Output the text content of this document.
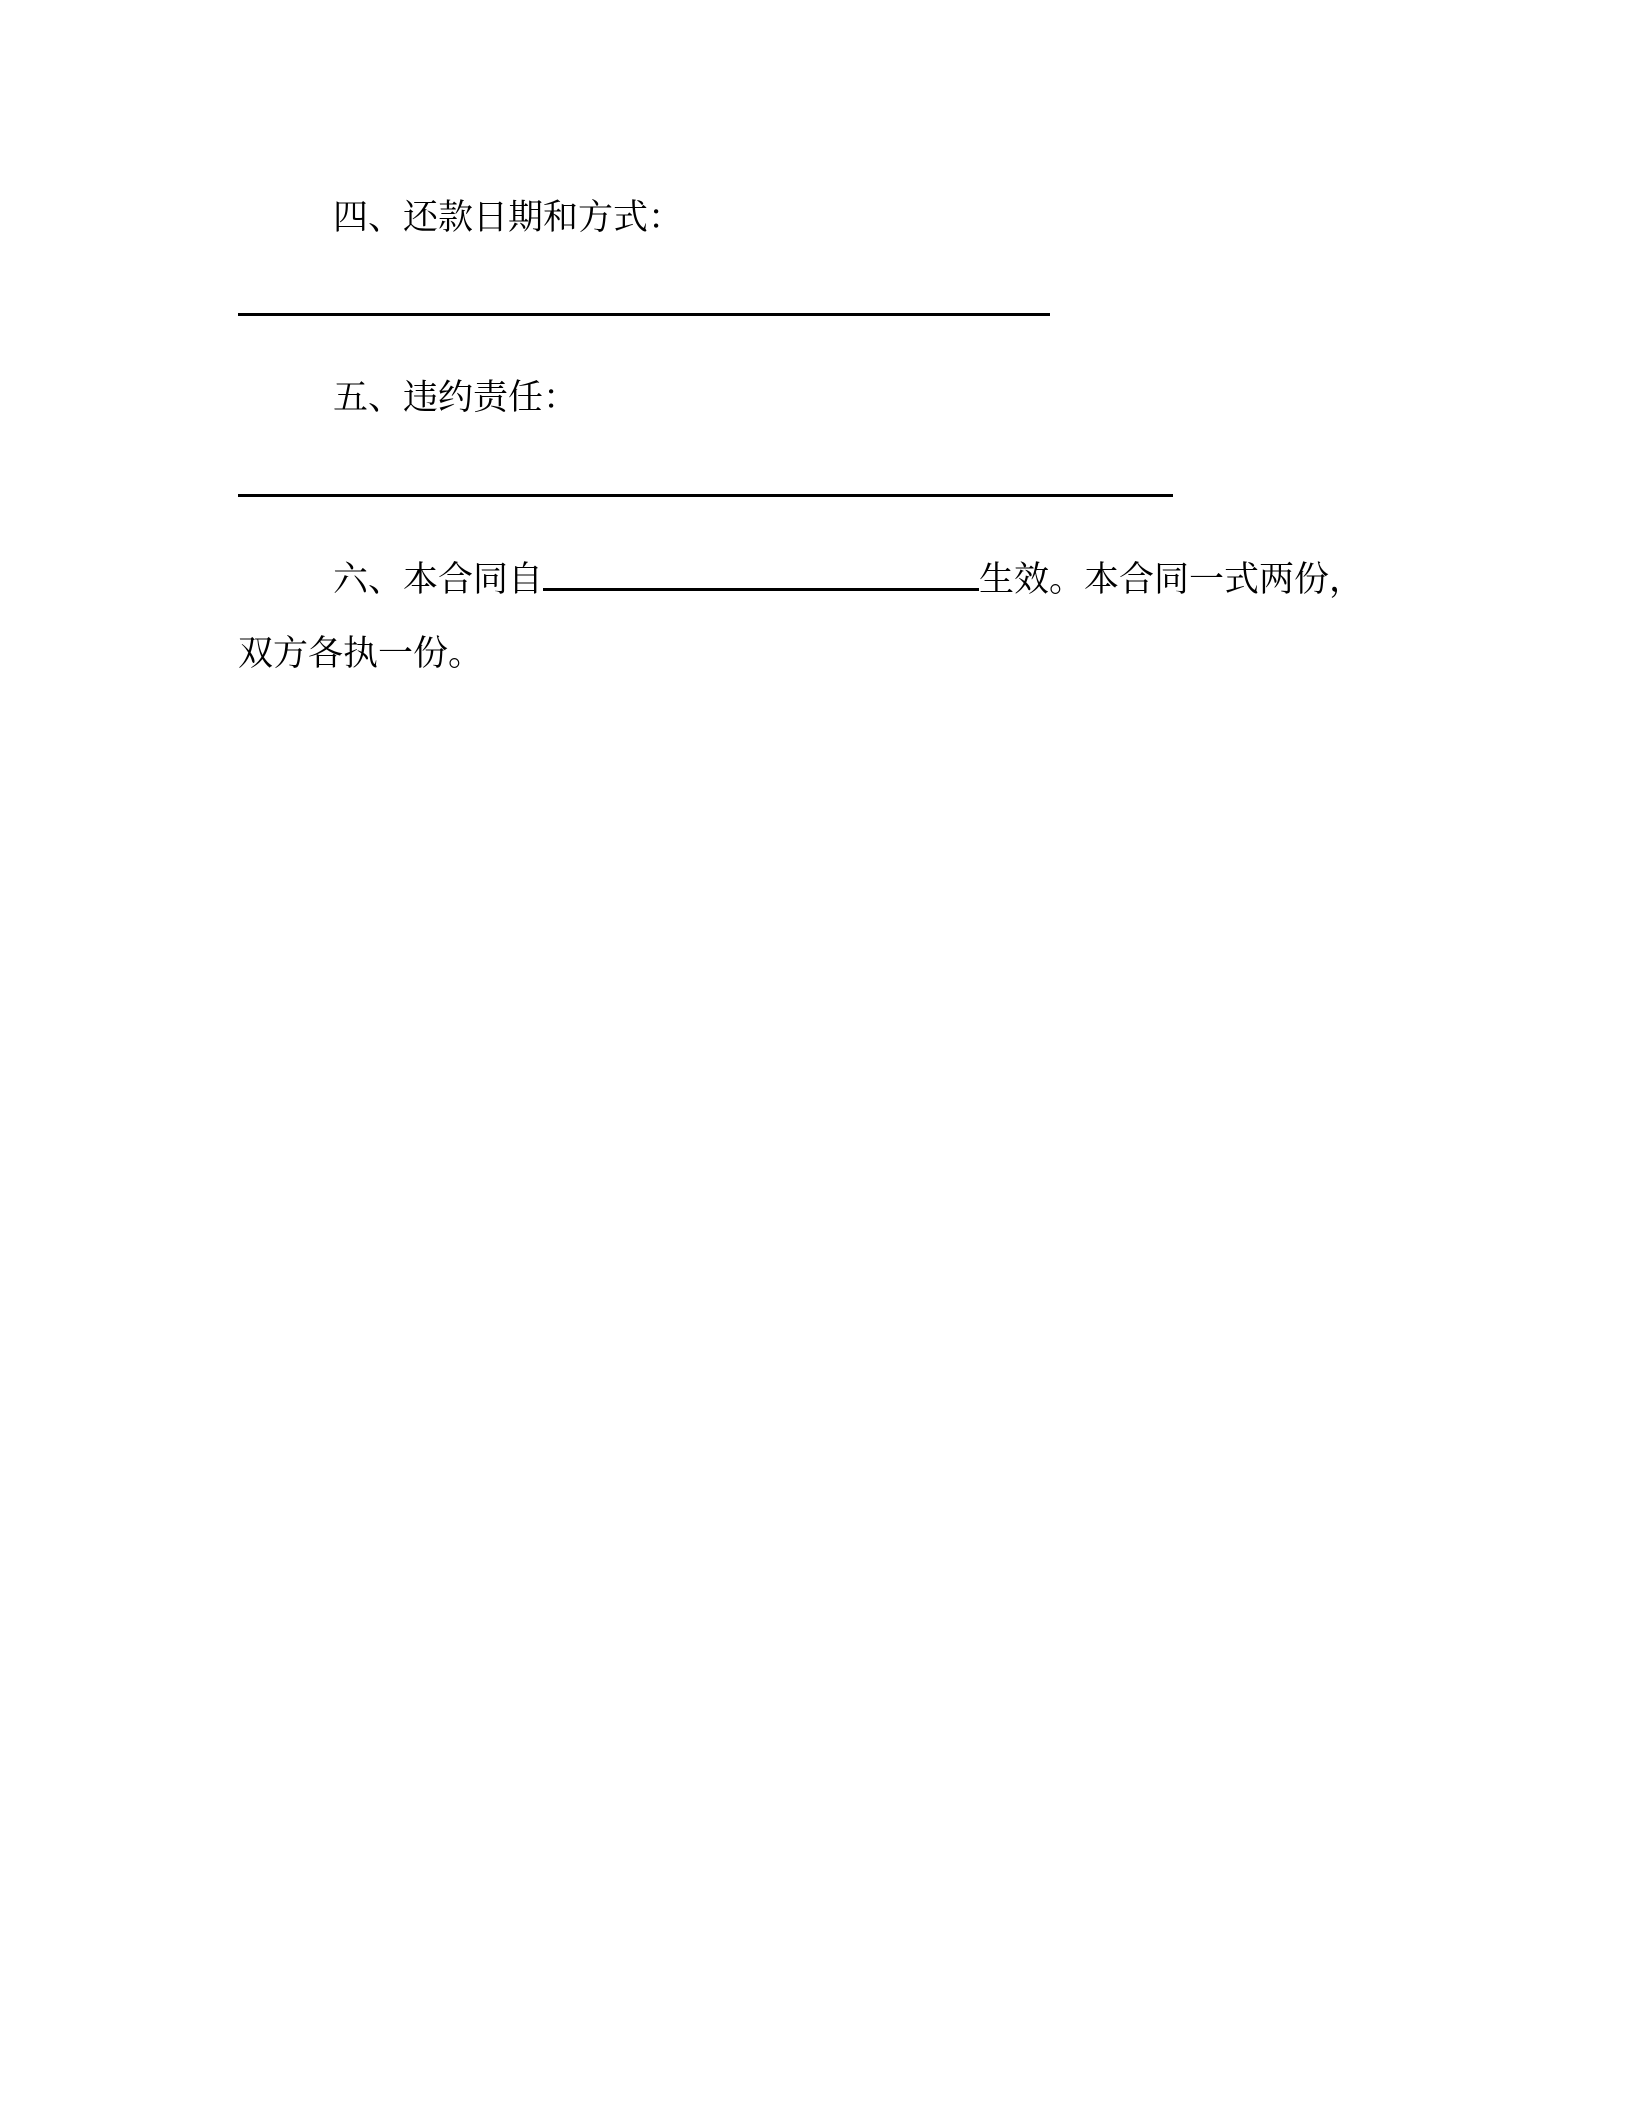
四、还款日期和方式：
五、违约责任：
六、本合同自	生效。本合同一式两份，
双方各执一份。
